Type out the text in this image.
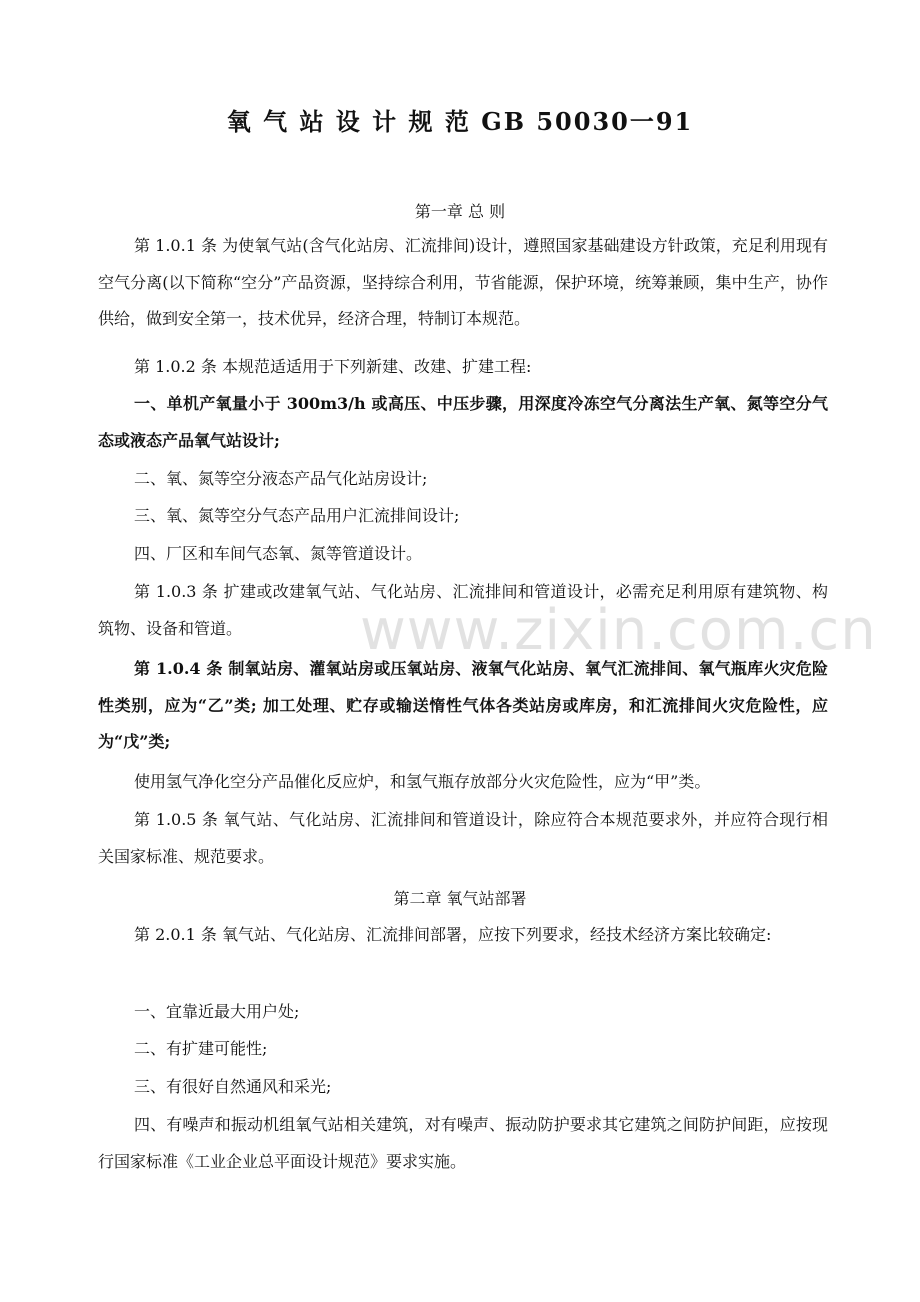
氧 气 站 设 计 规 范 GB 50030一91
第一章 总 则

第 1.0.1 条 为使氧气站(含气化站房、汇流排间)设计，遵照国家基础建设方针政策，充足利用现有空气分离(以下简称“空分”产品资源，坚持综合利用，节省能源，保护环境，统筹兼顾，集中生产，协作供给，做到安全第一，技术优异，经济合理，特制订本规范。

第 1.0.2 条 本规范适适用于下列新建、改建、扩建工程:

一、单机产氧量小于 300m3/h 或高压、中压步骤，用深度冷冻空气分离法生产氧、氮等空分气态或液态产品氧气站设计;

二、氧、氮等空分液态产品气化站房设计;

三、氧、氮等空分气态产品用户汇流排间设计;

四、厂区和车间气态氧、氮等管道设计。

第 1.0.3 条 扩建或改建氧气站、气化站房、汇流排间和管道设计，必需充足利用原有建筑物、构筑物、设备和管道。

第 1.0.4 条 制氧站房、灌氧站房或压氧站房、液氧气化站房、氧气汇流排间、氧气瓶库火灾危险性类别，应为“乙”类; 加工处理、贮存或输送惰性气体各类站房或库房，和汇流排间火灾危险性，应为“戊”类;

使用氢气净化空分产品催化反应炉，和氢气瓶存放部分火灾危险性，应为“甲”类。

第 1.0.5 条 氧气站、气化站房、汇流排间和管道设计，除应符合本规范要求外，并应符合现行相关国家标准、规范要求。

第二章 氧气站部署

第 2.0.1 条 氧气站、气化站房、汇流排间部署，应按下列要求，经技术经济方案比较确定:

一、宜靠近最大用户处;

二、有扩建可能性;

三、有很好自然通风和采光;

四、有噪声和振动机组氧气站相关建筑，对有噪声、振动防护要求其它建筑之间防护间距，应按现行国家标准《工业企业总平面设计规范》要求实施。

www.zixin.com.cn
